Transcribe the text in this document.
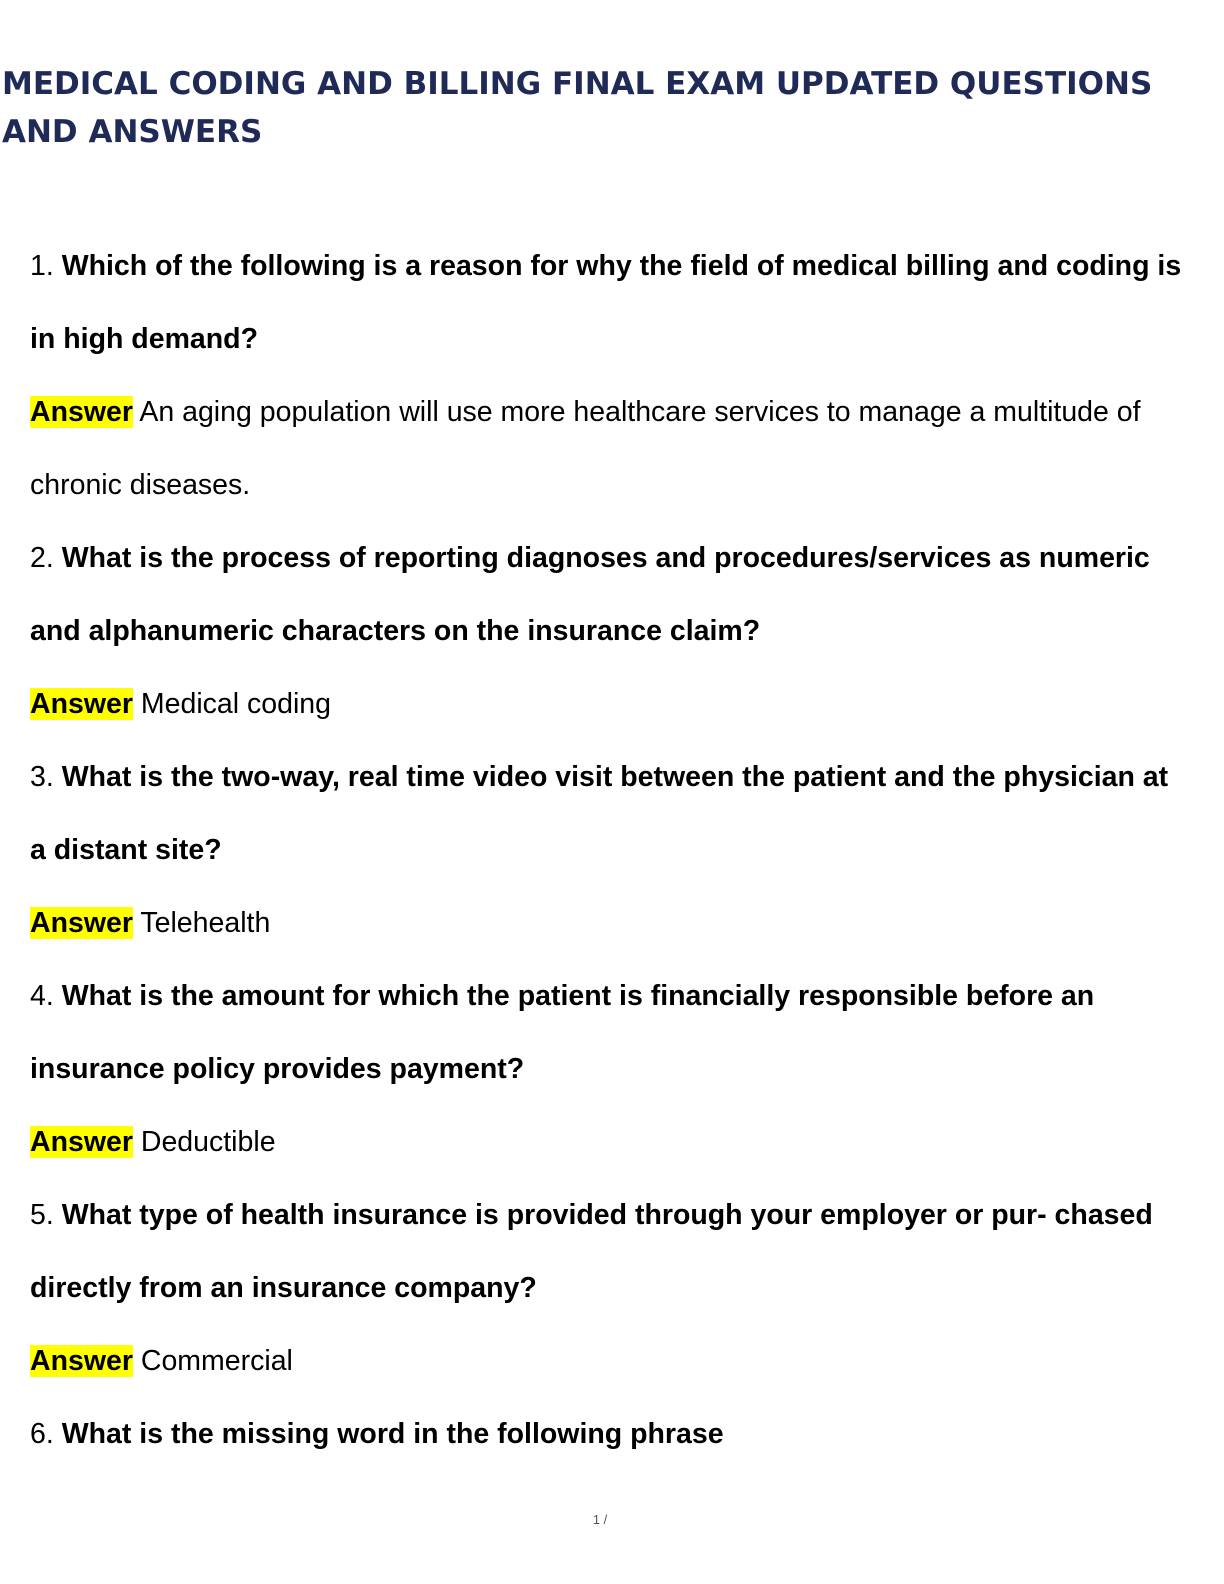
MEDICAL CODING AND BILLING FINAL EXAM UPDATED QUESTIONS AND ANSWERS

1. Which of the following is a reason for why the field of medical billing and coding is in high demand?

Answer An aging population will use more healthcare services to manage a multitude of chronic diseases.

2. What is the process of reporting diagnoses and procedures/services as numeric and alphanumeric characters on the insurance claim?

Answer Medical coding

3. What is the two-way, real time video visit between the patient and the physician at a distant site?

Answer Telehealth

4. What is the amount for which the patient is financially responsible before an insurance policy provides payment?

Answer Deductible

5. What type of health insurance is provided through your employer or pur- chased directly from an insurance company?

Answer Commercial

6. What is the missing word in the following phrase

1 /
